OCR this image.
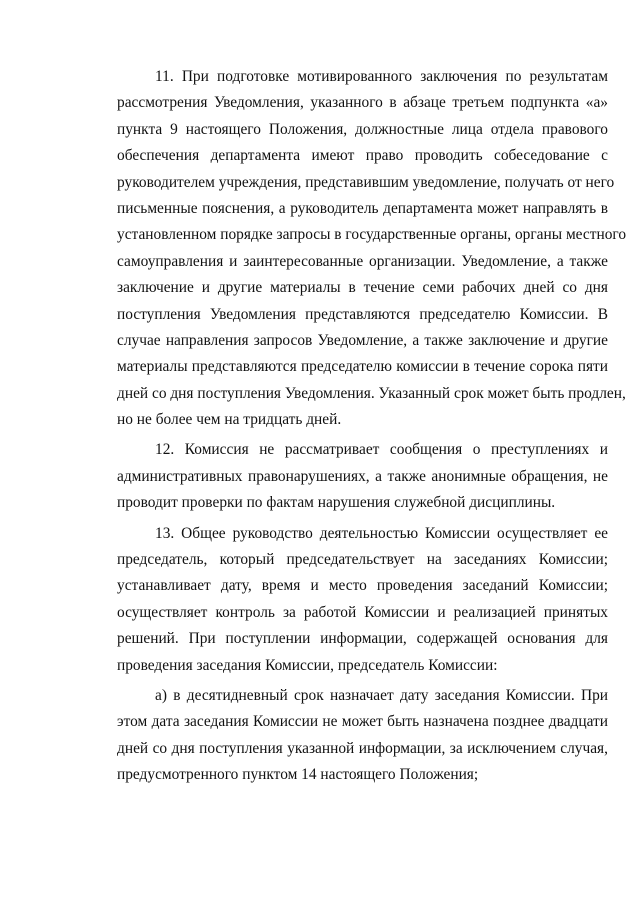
11. При подготовке мотивированного заключения по результатам
рассмотрения Уведомления, указанного в абзаце третьем подпункта «а»
пункта 9 настоящего Положения, должностные лица отдела правового
обеспечения департамента имеют право проводить собеседование с
руководителем учреждения, представившим уведомление, получать от него
письменные пояснения, а руководитель департамента может направлять в
установленном порядке запросы в государственные органы, органы местного
самоуправления и заинтересованные организации. Уведомление, а также
заключение и другие материалы в течение семи рабочих дней со дня
поступления Уведомления представляются председателю Комиссии. В
случае направления запросов Уведомление, а также заключение и другие
материалы представляются председателю комиссии в течение сорока пяти
дней со дня поступления Уведомления. Указанный срок может быть продлен,
но не более чем на тридцать дней.
12. Комиссия не рассматривает сообщения о преступлениях и
административных правонарушениях, а также анонимные обращения, не
проводит проверки по фактам нарушения служебной дисциплины.
13. Общее руководство деятельностью Комиссии осуществляет ее
председатель, который председательствует на заседаниях Комиссии;
устанавливает дату, время и место проведения заседаний Комиссии;
осуществляет контроль за работой Комиссии и реализацией принятых
решений. При поступлении информации, содержащей основания для
проведения заседания Комиссии, председатель Комиссии:
а) в десятидневный срок назначает дату заседания Комиссии. При
этом дата заседания Комиссии не может быть назначена позднее двадцати
дней со дня поступления указанной информации, за исключением случая,
предусмотренного пунктом 14 настоящего Положения;
